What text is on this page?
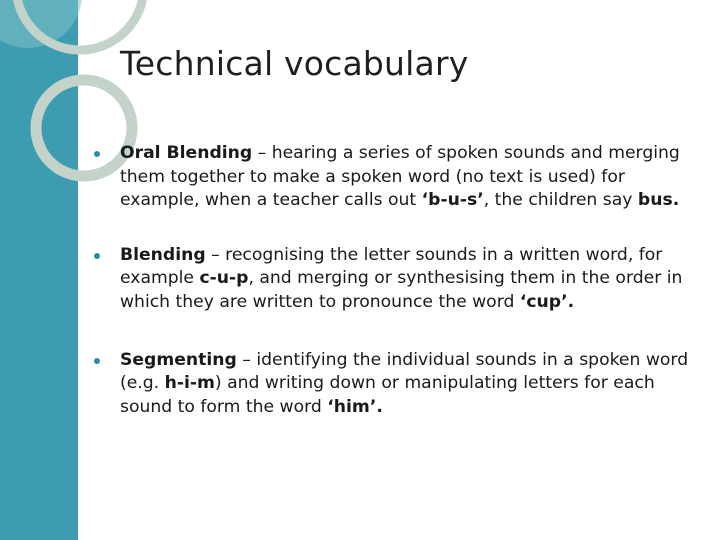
Technical vocabulary
Oral Blending – hearing a series of spoken sounds and merging them together to make a spoken word (no text is used) for example, when a teacher calls out ‘b-u-s’, the children say bus.
Blending – recognising the letter sounds in a written word, for example c-u-p, and merging or synthesising them in the order in which they are written to pronounce the word ‘cup’.
Segmenting – identifying the individual sounds in a spoken word (e.g. h-i-m) and writing down or manipulating letters for each sound to form the word ‘him’.
